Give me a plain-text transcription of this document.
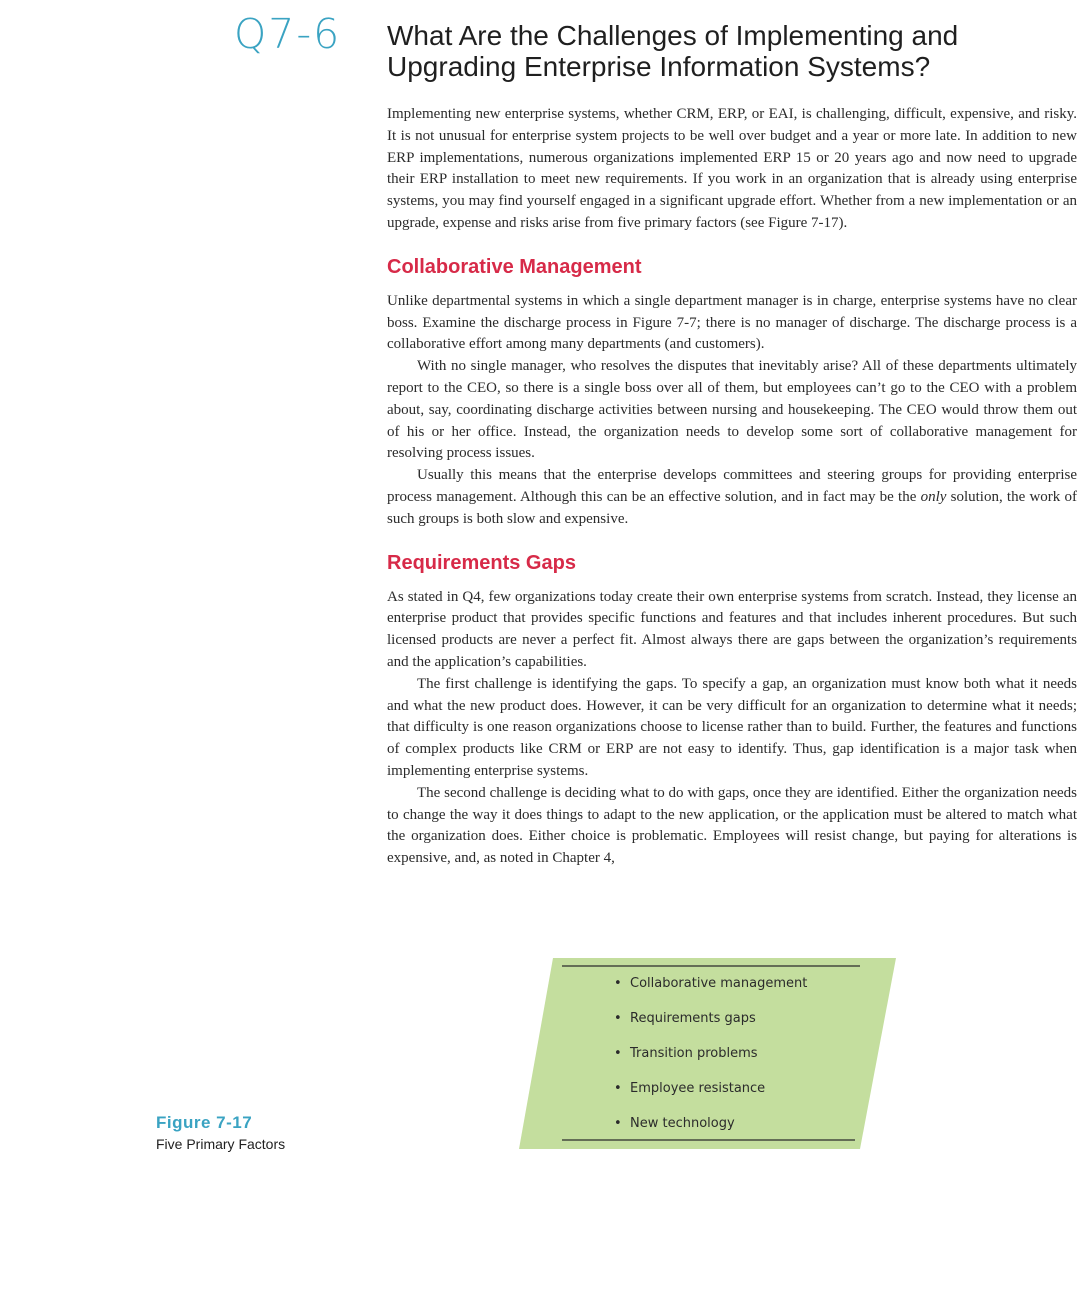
Q7-6 What Are the Challenges of Implementing and
Upgrading Enterprise Information Systems?

Implementing new enterprise systems, whether CRM, ERP, or EAI, is challenging, difficult, expensive, and risky. It is not unusual for enterprise system projects to be well over budget and a year or more late. In addition to new ERP implementations, numerous organizations implemented ERP 15 or 20 years ago and now need to upgrade their ERP installation to meet new requirements. If you work in an organization that is already using enterprise systems, you may find yourself engaged in a significant upgrade effort. Whether from a new implementation or an upgrade, expense and risks arise from five primary factors (see Figure 7-17).

Collaborative Management

Unlike departmental systems in which a single department manager is in charge, enterprise systems have no clear boss. Examine the discharge process in Figure 7-7; there is no manager of discharge. The discharge process is a collaborative effort among many departments (and customers).

With no single manager, who resolves the disputes that inevitably arise? All of these departments ultimately report to the CEO, so there is a single boss over all of them, but employees can’t go to the CEO with a problem about, say, coordinating discharge activities between nursing and housekeeping. The CEO would throw them out of his or her office. Instead, the organization needs to develop some sort of collaborative management for resolving process issues.

Usually this means that the enterprise develops committees and steering groups for providing enterprise process management. Although this can be an effective solution, and in fact may be the only solution, the work of such groups is both slow and expensive.

Requirements Gaps

As stated in Q4, few organizations today create their own enterprise systems from scratch. Instead, they license an enterprise product that provides specific functions and features and that includes inherent procedures. But such licensed products are never a perfect fit. Almost always there are gaps between the organization’s requirements and the application’s capabilities.

The first challenge is identifying the gaps. To specify a gap, an organization must know both what it needs and what the new product does. However, it can be very difficult for an organization to determine what it needs; that difficulty is one reason organizations choose to license rather than to build. Further, the features and functions of complex products like CRM or ERP are not easy to identify. Thus, gap identification is a major task when implementing enterprise systems.

The second challenge is deciding what to do with gaps, once they are identified. Either the organization needs to change the way it does things to adapt to the new application, or the application must be altered to match what the organization does. Either choice is problematic. Employees will resist change, but paying for alterations is expensive, and, as noted in Chapter 4,

• Collaborative management
• Requirements gaps
• Transition problems
• Employee resistance
• New technology
Figure 7-17
Five Primary Factors
